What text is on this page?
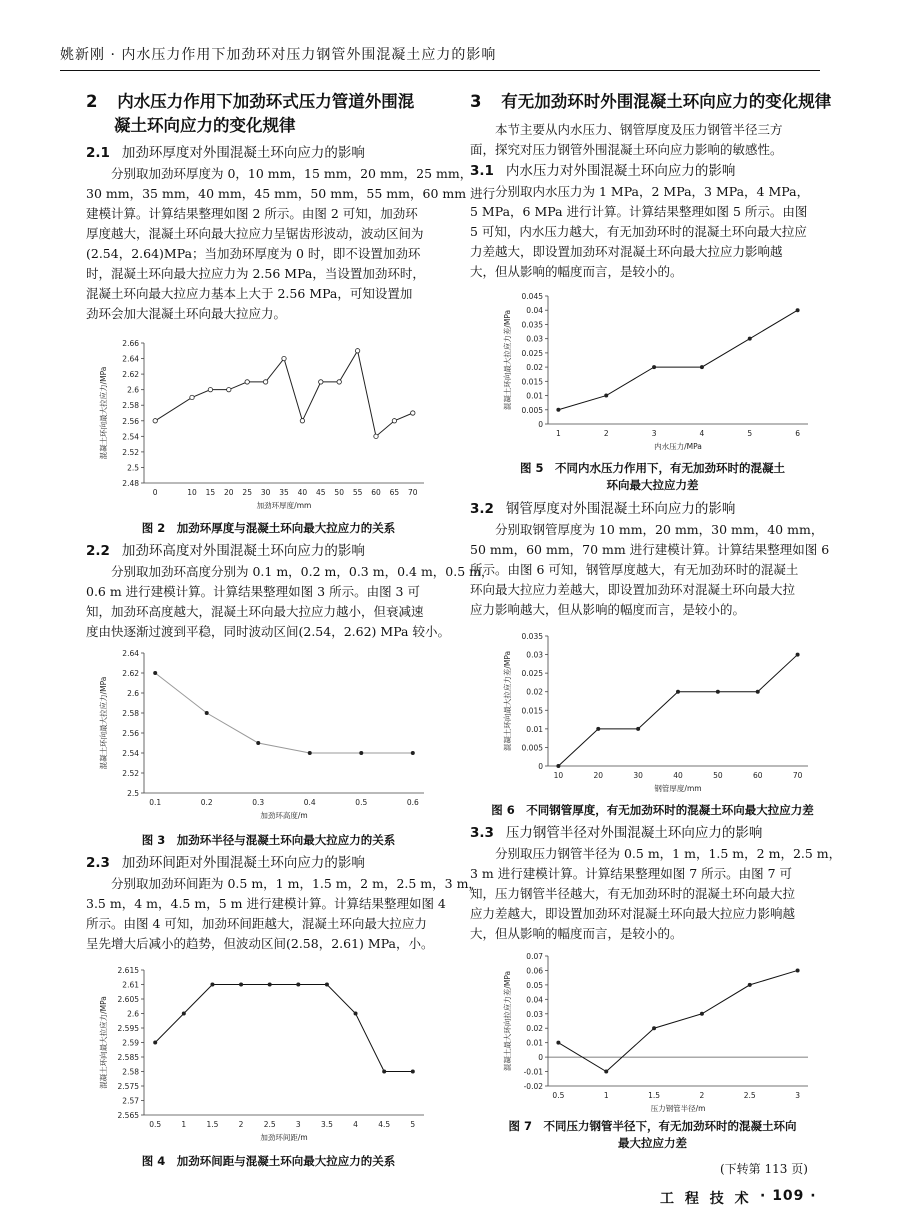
姚新刚 · 内水压力作用下加劲环对压力钢管外围混凝土应力的影响
2 内水压力作用下加劲环式压力管道外围混
凝土环向应力的变化规律
2.1 加劲环厚度对外围混凝土环向应力的影响
分别取加劲环厚度为 0，10 mm，15 mm，20 mm，25 mm，
30 mm，35 mm，40 mm，45 mm，50 mm，55 mm，60 mm 进行
建模计算。计算结果整理如图 2 所示。由图 2 可知，加劲环
厚度越大，混凝土环向最大拉应力呈锯齿形波动，波动区间为
(2.54，2.64)MPa；当加劲环厚度为 0 时，即不设置加劲环
时，混凝土环向最大拉应力为 2.56 MPa，当设置加劲环时，
混凝土环向最大拉应力基本上大于 2.56 MPa，可知设置加
劲环会加大混凝土环向最大拉应力。
2.48
2.5
2.52
2.54
2.56
2.58
2.6
2.62
2.64
2.66
0	10 15 20 25 30 35 40 45 50 55 60 65 70
加劲环厚度/mm
混凝土环向最大拉应力/MPa
图 2　加劲环厚度与混凝土环向最大拉应力的关系
2.2 加劲环高度对外围混凝土环向应力的影响
分别取加劲环高度分别为 0.1 m，0.2 m，0.3 m，0.4 m，0.5 m，
0.6 m 进行建模计算。计算结果整理如图 3 所示。由图 3 可
知，加劲环高度越大，混凝土环向最大拉应力越小，但衰减速
度由快逐渐过渡到平稳，同时波动区间(2.54，2.62) MPa 较小。
2.5
2.52
2.54
2.56
2.58
2.6
2.62
2.64
0.1	0.2	0.3	0.4	0.5	0.6
加劲环高度/m
混凝土环向最大拉应力/MPa
图 3　加劲环半径与混凝土环向最大拉应力的关系
2.3 加劲环间距对外围混凝土环向应力的影响
分别取加劲环间距为 0.5 m，1 m，1.5 m，2 m，2.5 m，3 m，
3.5 m，4 m，4.5 m，5 m 进行建模计算。计算结果整理如图 4
所示。由图 4 可知，加劲环间距越大，混凝土环向最大拉应力
呈先增大后减小的趋势，但波动区间(2.58，2.61) MPa，小。
2.565
2.57
2.575
2.58
2.585
2.59
2.595
2.6
2.605
2.61
2.615
0.5	1	1.5	2	2.5	3	3.5	4	4.5	5
加劲环间距/m
混凝土环向最大拉应力/MPa
图 4　加劲环间距与混凝土环向最大拉应力的关系
3 有无加劲环时外围混凝土环向应力的变化规律
本节主要从内水压力、钢管厚度及压力钢管半径三方
面，探究对压力钢管外围混凝土环向应力影响的敏感性。
3.1 内水压力对外围混凝土环向应力的影响
分别取内水压力为 1 MPa，2 MPa，3 MPa，4 MPa，
5 MPa，6 MPa 进行计算。计算结果整理如图 5 所示。由图
5 可知，内水压力越大，有无加劲环时的混凝土环向最大拉应
力差越大，即设置加劲环对混凝土环向最大拉应力影响越
大，但从影响的幅度而言，是较小的。
0
0.005
0.01
0.015
0.02
0.025
0.03
0.035
0.04
0.045
1	2	3	4	5	6
内水压力/MPa
混凝土环向最大拉应力差/MPa
图 5　不同内水压力作用下，有无加劲环时的混凝土
环向最大拉应力差
3.2 钢管厚度对外围混凝土环向应力的影响
分别取钢管厚度为 10 mm，20 mm，30 mm，40 mm，
50 mm，60 mm，70 mm 进行建模计算。计算结果整理如图 6
所示。由图 6 可知，钢管厚度越大，有无加劲环时的混凝土
环向最大拉应力差越大，即设置加劲环对混凝土环向最大拉
应力影响越大，但从影响的幅度而言，是较小的。
0
0.005
0.01
0.015
0.02
0.025
0.03
0.035
10	20	30	40	50	60	70
钢管厚度/mm
混凝土环向最大拉应力差/MPa
图 6　不同钢管厚度，有无加劲环时的混凝土环向最大拉应力差
3.3 压力钢管半径对外围混凝土环向应力的影响
分别取压力钢管半径为 0.5 m，1 m，1.5 m，2 m，2.5 m，
3 m 进行建模计算。计算结果整理如图 7 所示。由图 7 可
知，压力钢管半径越大，有无加劲环时的混凝土环向最大拉
应力差越大，即设置加劲环对混凝土环向最大拉应力影响越
大，但从影响的幅度而言，是较小的。
-0.02
-0.01
0
0.01
0.02
0.03
0.04
0.05
0.06
0.07
0.5	1	1.5	2	2.5	3
压力钢管半径/m
混凝土最大环向拉应力差/MPa
图 7　不同压力钢管半径下，有无加劲环时的混凝土环向
最大拉应力差
(下转第 113 页)
工 程 技 术 · 109 ·
